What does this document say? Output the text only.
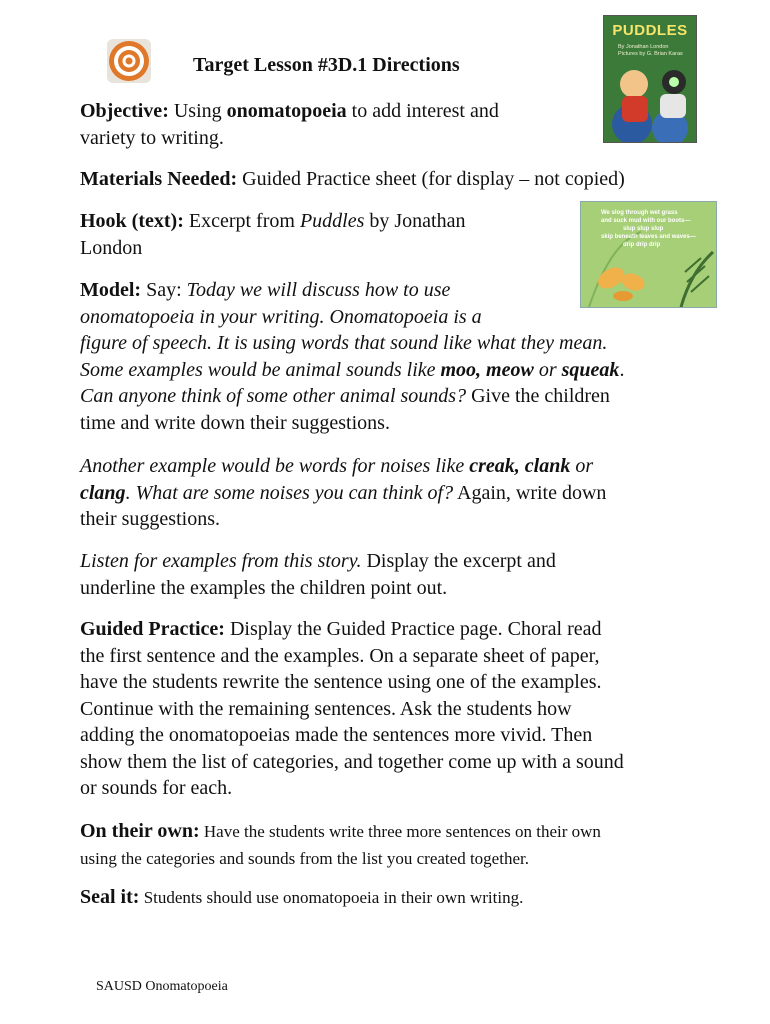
PUDDLES
By Jonathan London
Pictures by G. Brian Karas
We slog through wet grass
and suck mud with our boots—
slup slup slup
skip beneath leaves and waves—
drip drip drip
Target Lesson #3D.1 Directions
Objective: Using onomatopoeia to add interest and
variety to writing.
Materials Needed: Guided Practice sheet (for display – not copied)
Hook (text): Excerpt from Puddles by Jonathan
London
Model: Say: Today we will discuss how to use
onomatopoeia in your writing. Onomatopoeia is a
figure of speech. It is using words that sound like what they mean.
Some examples would be animal sounds like moo, meow or squeak.
Can anyone think of some other animal sounds? Give the children
time and write down their suggestions.
Another example would be words for noises like creak, clank or
clang. What are some noises you can think of? Again, write down
their suggestions.
Listen for examples from this story. Display the excerpt and
underline the examples the children point out.
Guided Practice: Display the Guided Practice page. Choral read
the first sentence and the examples. On a separate sheet of paper,
have the students rewrite the sentence using one of the examples.
Continue with the remaining sentences. Ask the students how
adding the onomatopoeias made the sentences more vivid. Then
show them the list of categories, and together come up with a sound
or sounds for each.
On their own: Have the students write three more sentences on their own
using the categories and sounds from the list you created together.
Seal it: Students should use onomatopoeia in their own writing.
SAUSD Onomatopoeia
